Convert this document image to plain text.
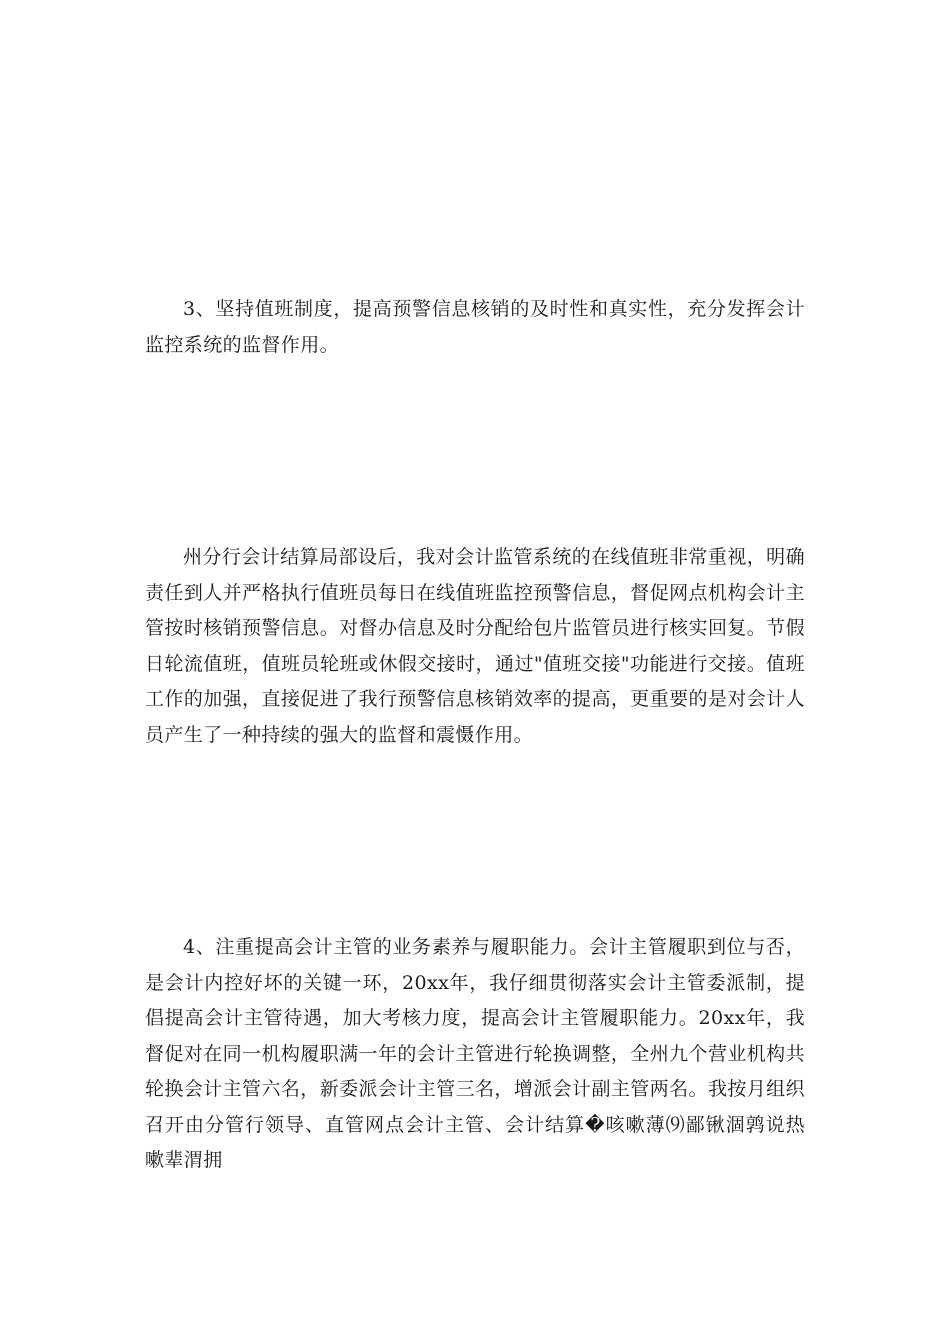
3、坚持值班制度，提高预警信息核销的及时性和真实性，充分发挥会计监控系统的监督作用。

州分行会计结算局部设后，我对会计监管系统的在线值班非常重视，明确责任到人并严格执行值班员每日在线值班监控预警信息，督促网点机构会计主管按时核销预警信息。对督办信息及时分配给包片监管员进行核实回复。节假日轮流值班，值班员轮班或休假交接时，通过"值班交接"功能进行交接。值班工作的加强，直接促进了我行预警信息核销效率的提高，更重要的是对会计人员产生了一种持续的强大的监督和震慑作用。

4、注重提高会计主管的业务素养与履职能力。会计主管履职到位与否，是会计内控好坏的关键一环，20xx年，我仔细贯彻落实会计主管委派制，提倡提高会计主管待遇，加大考核力度，提高会计主管履职能力。20xx年，我督促对在同一机构履职满一年的会计主管进行轮换调整，全州九个营业机构共轮换会计主管六名，新委派会计主管三名，增派会计副主管两名。我按月组织召开由分管行领导、直管网点会计主管、会计结算�咳嗽薄⑼鄙锹涸鹑说热嗽辈渭拥
